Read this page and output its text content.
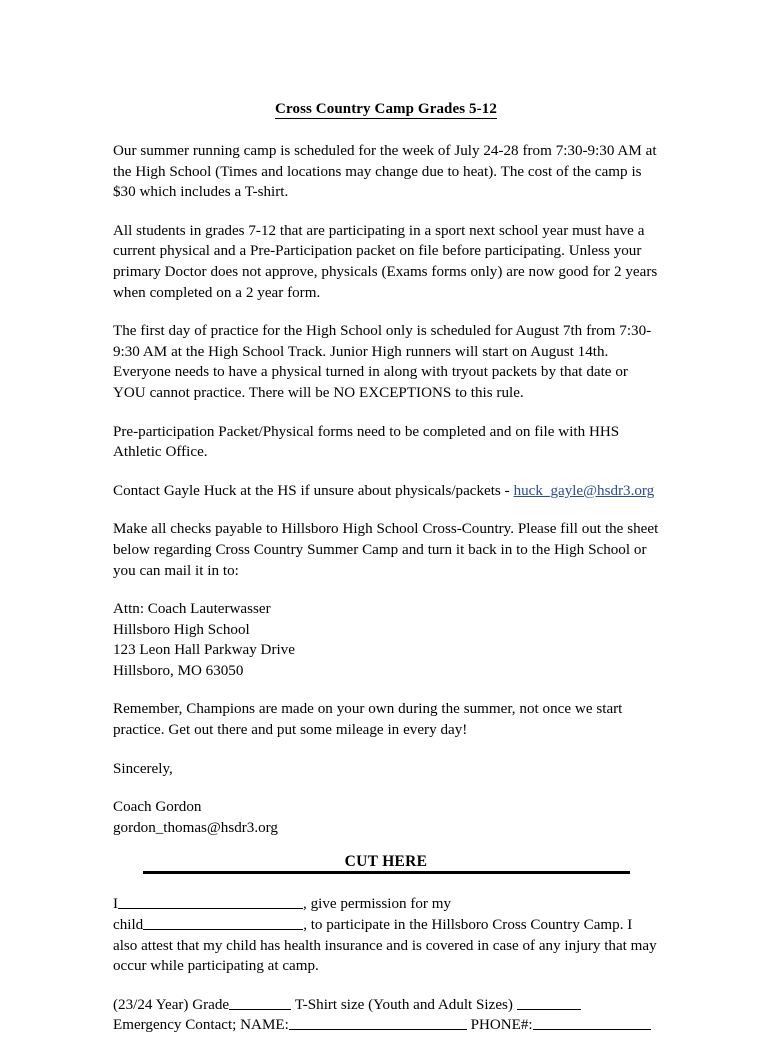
Cross Country Camp Grades 5-12

Our summer running camp is scheduled for the week of July 24-28 from 7:30-9:30 AM at the High School (Times and locations may change due to heat). The cost of the camp is $30 which includes a T-shirt.

All students in grades 7-12 that are participating in a sport next school year must have a current physical and a Pre-Participation packet on file before participating. Unless your primary Doctor does not approve, physicals (Exams forms only) are now good for 2 years when completed on a 2 year form.

The first day of practice for the High School only is scheduled for August 7th from 7:30-9:30 AM at the High School Track. Junior High runners will start on August 14th. Everyone needs to have a physical turned in along with tryout packets by that date or YOU cannot practice. There will be NO EXCEPTIONS to this rule.

Pre-participation Packet/Physical forms need to be completed and on file with HHS Athletic Office.

Contact Gayle Huck at the HS if unsure about physicals/packets - huck_gayle@hsdr3.org

Make all checks payable to Hillsboro High School Cross-Country. Please fill out the sheet below regarding Cross Country Summer Camp and turn it back in to the High School or you can mail it in to:

Attn: Coach Lauterwasser
Hillsboro High School
123 Leon Hall Parkway Drive
Hillsboro, MO 63050

Remember, Champions are made on your own during the summer, not once we start practice. Get out there and put some mileage in every day!

Sincerely,

Coach Gordon
gordon_thomas@hsdr3.org
CUT HERE
I	, give permission for my
child	, to participate in the Hillsboro Cross Country Camp. I also attest that my child has health insurance and is covered in case of any injury that may occur while participating at camp.
(23/24 Year) Grade	T-Shirt size (Youth and Adult Sizes)
Emergency Contact; NAME:	PHONE#:
